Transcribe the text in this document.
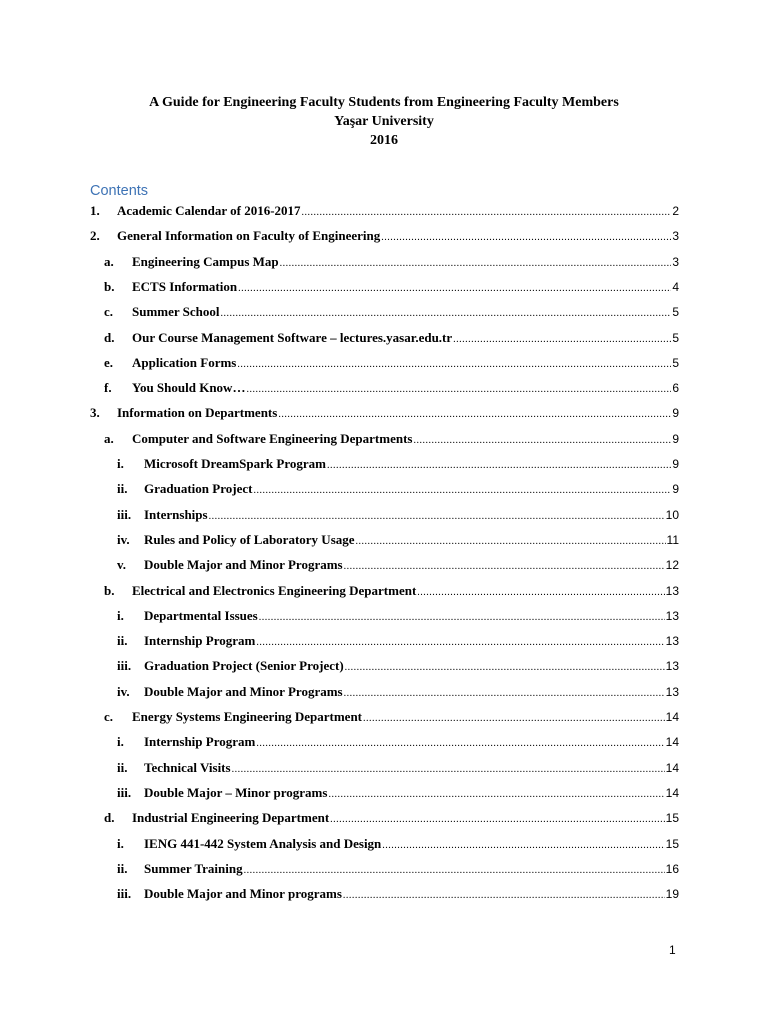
A Guide for Engineering Faculty Students from Engineering Faculty Members
Yaşar University
2016
Contents
1.	Academic Calendar of 2016-2017 .....	2
2.	General Information on Faculty of Engineering .....	3
a.	Engineering Campus Map .....	3
b.	ECTS Information .....	4
c.	Summer School .....	5
d.	Our Course Management Software – lectures.yasar.edu.tr .....	5
e.	Application Forms .....	5
f.	You Should Know… .....	6
3.	Information on Departments .....	9
a.	Computer and Software Engineering Departments .....	9
i.	Microsoft DreamSpark Program .....	9
ii.	Graduation Project .....	9
iii. Internships .....	10
iv.	Rules and Policy of Laboratory Usage .....	11
v.	Double Major and Minor Programs .....	12
b.	Electrical and Electronics Engineering Department .....	13
i.	Departmental Issues .....	13
ii.	Internship Program .....	13
iii. Graduation Project (Senior Project) .....	13
iv.	Double Major and Minor Programs .....	13
c.	Energy Systems Engineering Department .....	14
i.	Internship Program .....	14
ii.	Technical Visits .....	14
iii. Double Major – Minor programs .....	14
d.	Industrial Engineering Department .....	15
i.	IENG 441-442 System Analysis and Design .....	15
ii.	Summer Training .....	16
iii. Double Major and Minor programs .....	19
1
